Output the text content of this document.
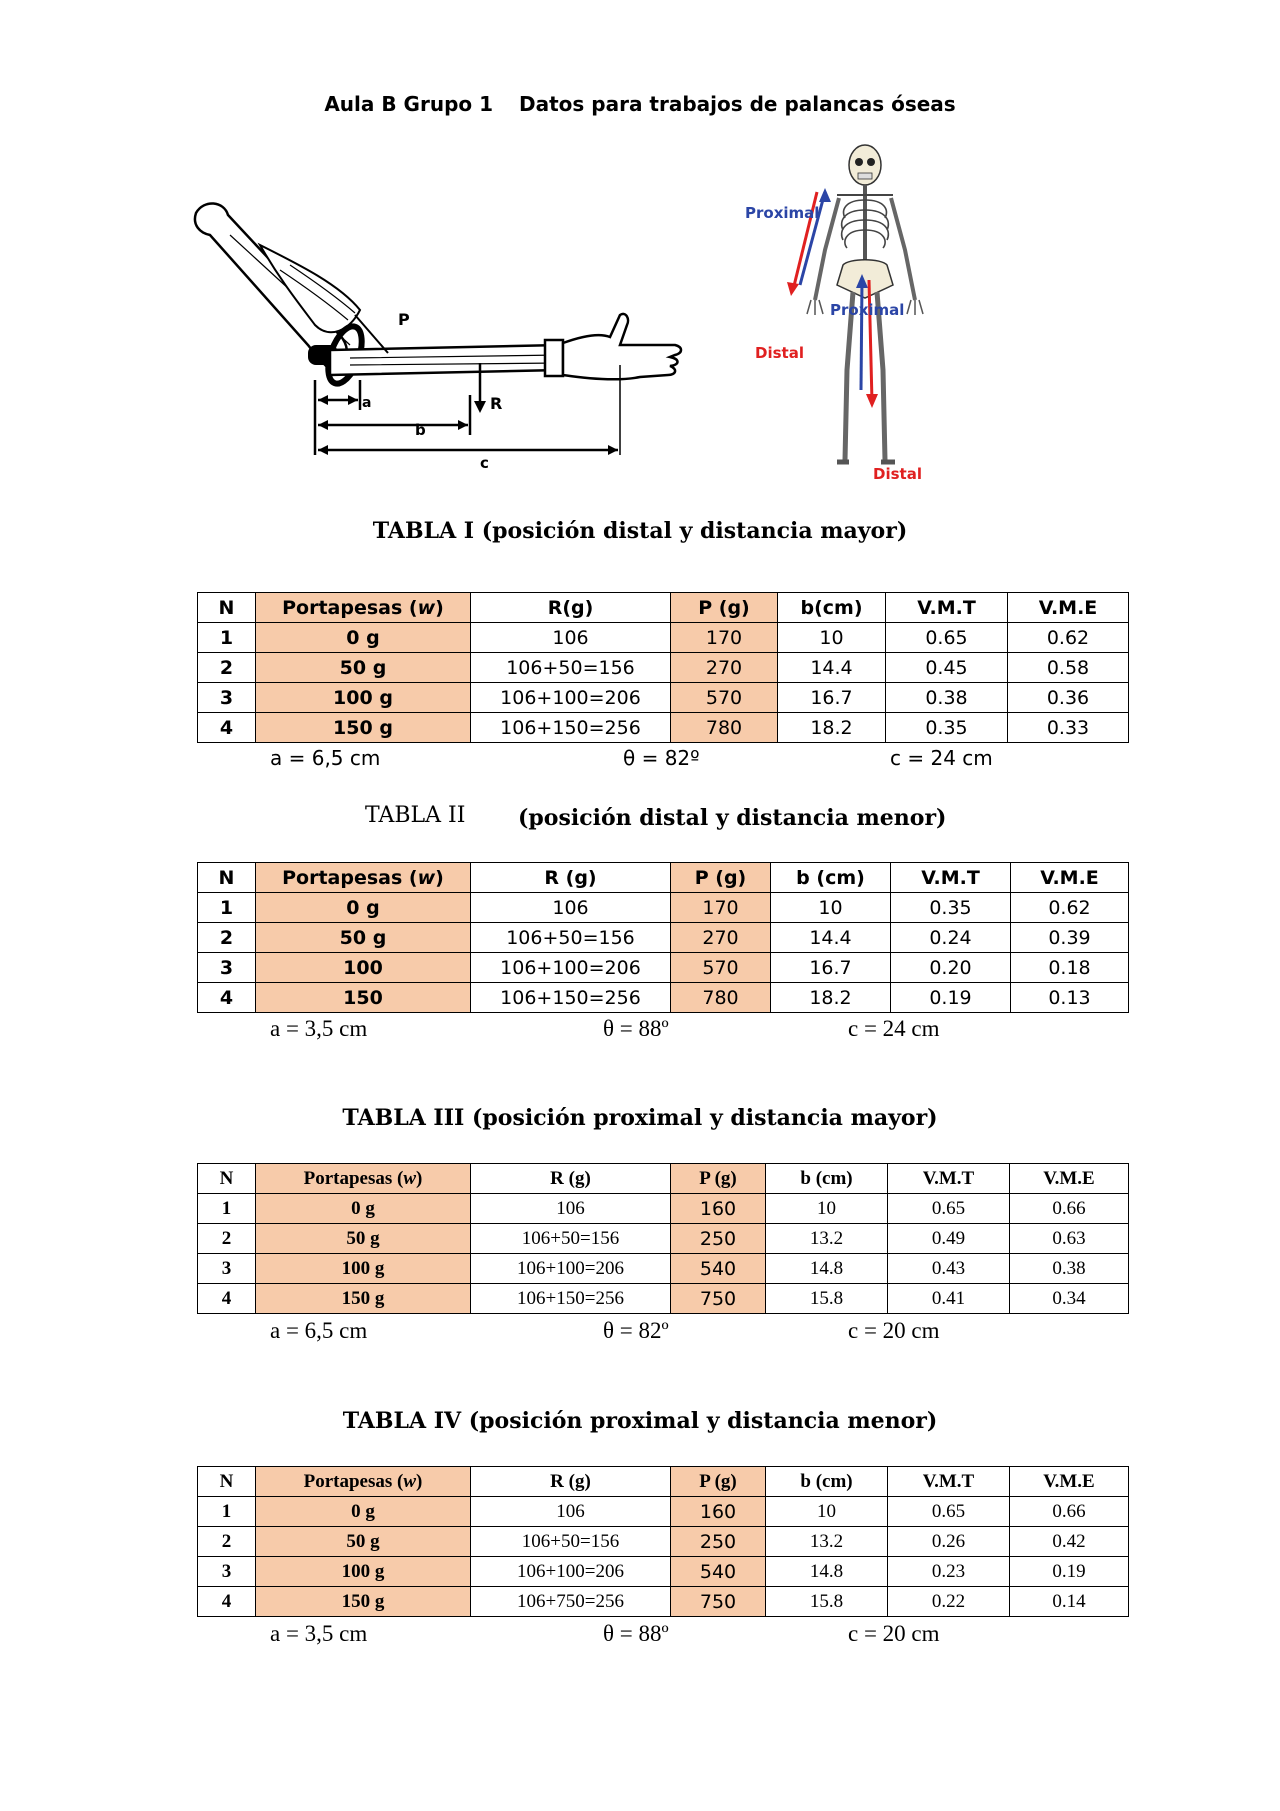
Aula B Grupo 1 Datos para trabajos de palancas óseas
P
R
a
b
c
Proximal
Distal
Proximal
Distal
TABLA I (posición distal y distancia mayor)
N	Portapesas (w)	R(g)	P (g)	b(cm)	V.M.T	V.M.E
1	0 g	106	170	10	0.65	0.62
2	50 g	106+50=156	270	14.4	0.45	0.58
3	100 g	106+100=206	570	16.7	0.38	0.36
4	150 g	106+150=256	780	18.2	0.35	0.33
a = 6,5 cm	θ = 82º	c = 24 cm
TABLA II (posición distal y distancia menor)
N	Portapesas (w)	R (g)	P (g)	b (cm)	V.M.T	V.M.E
1	0 g	106	170	10	0.35	0.62
2	50 g	106+50=156	270	14.4	0.24	0.39
3	100	106+100=206	570	16.7	0.20	0.18
4	150	106+150=256	780	18.2	0.19	0.13
a = 3,5 cm	θ = 88º	c = 24 cm
TABLA III (posición proximal y distancia mayor)
N	Portapesas (w)	R (g)	P (g)	b (cm)	V.M.T	V.M.E
1	0 g	106	160	10	0.65	0.66
2	50 g	106+50=156	250	13.2	0.49	0.63
3	100 g	106+100=206	540	14.8	0.43	0.38
4	150 g	106+150=256	750	15.8	0.41	0.34
a = 6,5 cm	θ = 82º	c = 20 cm
TABLA IV (posición proximal y distancia menor)
N	Portapesas (w)	R (g)	P (g)	b (cm)	V.M.T	V.M.E
1	0 g	106	160	10	0.65	0.66
2	50 g	106+50=156	250	13.2	0.26	0.42
3	100 g	106+100=206	540	14.8	0.23	0.19
4	150 g	106+750=256	750	15.8	0.22	0.14
a = 3,5 cm	θ = 88º	c = 20 cm
